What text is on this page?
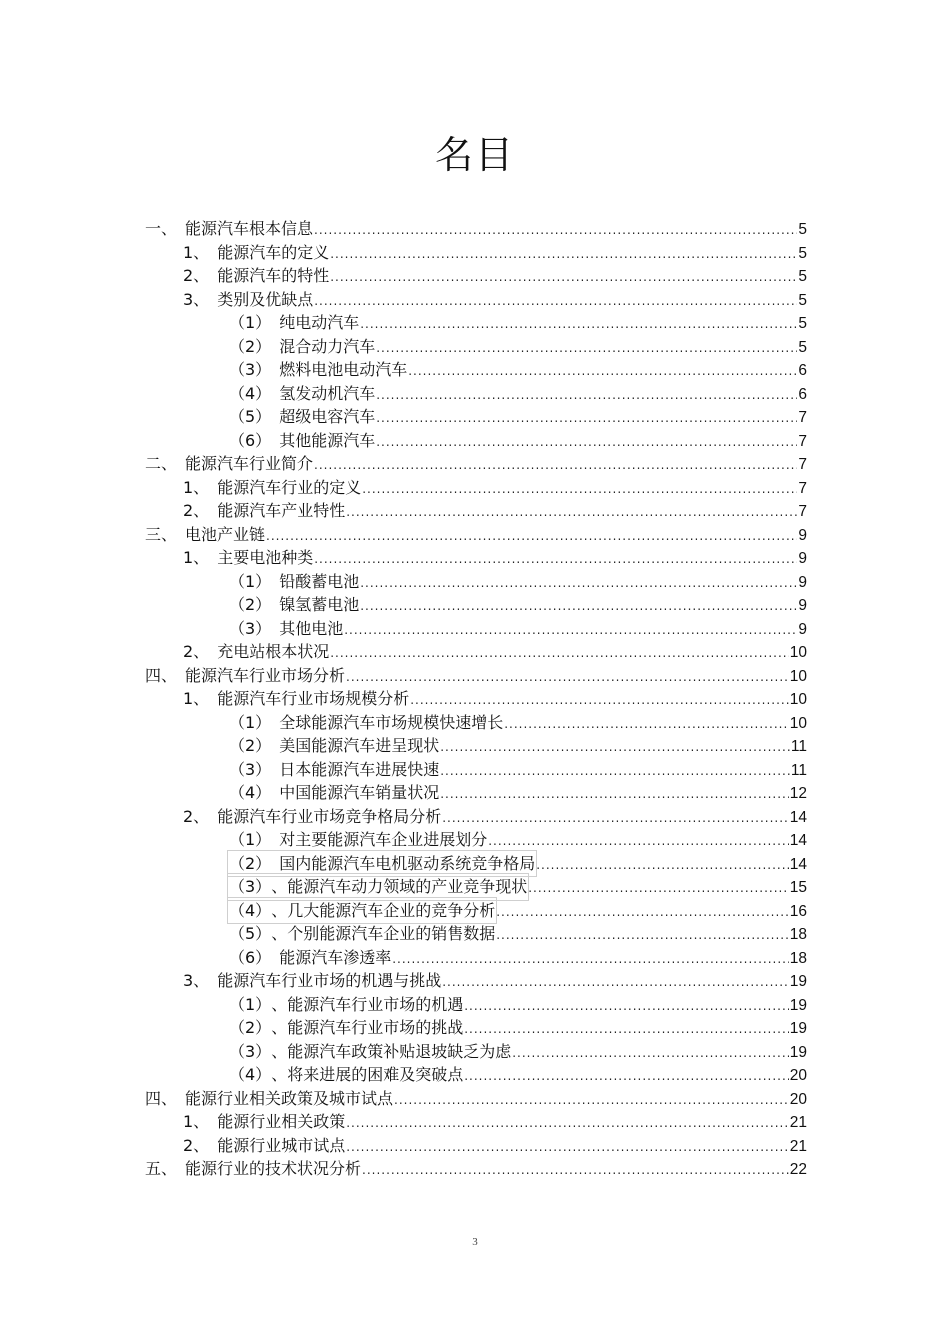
名目
一、 能源汽车根本信息 .....	5
1、 能源汽车的定义 .....	5
2、 能源汽车的特性 .....	5
3、 类别及优缺点 .....	5
（1） 纯电动汽车 .....	5
（2） 混合动力汽车 .....	5
（3） 燃料电池电动汽车 .....	6
（4） 氢发动机汽车 .....	6
（5） 超级电容汽车 .....	7
（6） 其他能源汽车 .....	7
二、 能源汽车行业简介 .....	7
1、 能源汽车行业的定义 .....	7
2、 能源汽车产业特性 .....	7
三、 电池产业链 .....	9
1、 主要电池种类 .....	9
（1） 铅酸蓄电池 .....	9
（2） 镍氢蓄电池 .....	9
（3） 其他电池 .....	9
2、 充电站根本状况 .....	10
四、 能源汽车行业市场分析 .....	10
1、 能源汽车行业市场规模分析 .....	10
（1） 全球能源汽车市场规模快速增长 .....	10
（2） 美国能源汽车进呈现状 .....	11
（3） 日本能源汽车进展快速 .....	11
（4） 中国能源汽车销量状况 .....	12
2、 能源汽车行业市场竞争格局分析 .....	14
（1） 对主要能源汽车企业进展划分 .....	14
（2） 国内能源汽车电机驱动系统竞争格局 .....	14
（3） 、能源汽车动力领域的产业竞争现状 .....	15
（4） 、几大能源汽车企业的竞争分析 .....	16
（5） 、个别能源汽车企业的销售数据 .....	18
（6） 能源汽车渗透率 .....	18
3、 能源汽车行业市场的机遇与挑战 .....	19
（1） 、能源汽车行业市场的机遇 .....	19
（2） 、能源汽车行业市场的挑战 .....	19
（3） 、能源汽车政策补贴退坡缺乏为虑 .....	19
（4） 、将来进展的困难及突破点 .....	20
四、 能源行业相关政策及城市试点 .....	20
1、 能源行业相关政策 .....	21
2、 能源行业城市试点 .....	21
五、 能源行业的技术状况分析 .....	22
3
